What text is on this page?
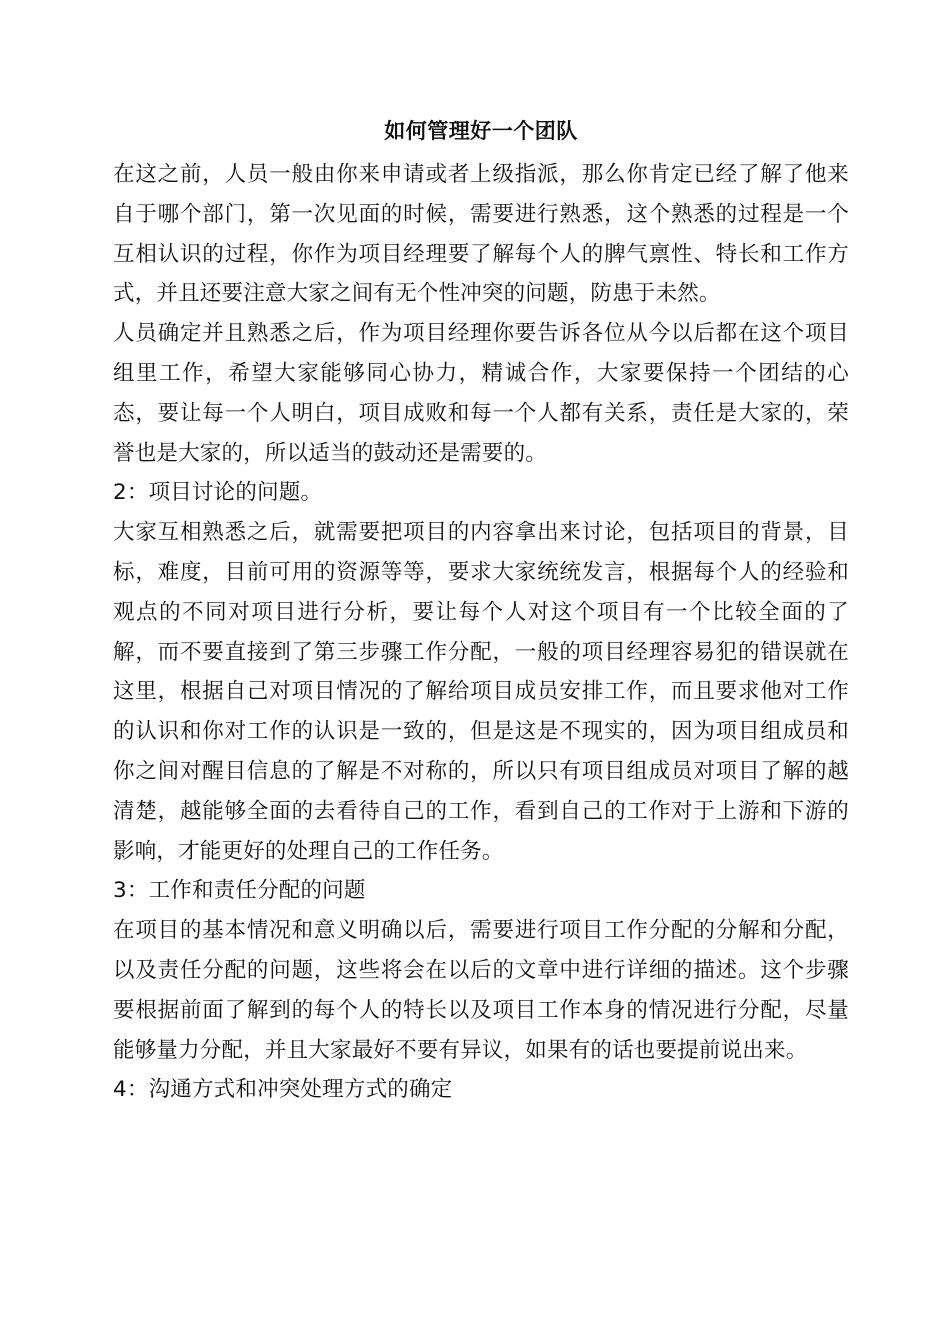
如何管理好一个团队

在这之前，人员一般由你来申请或者上级指派，那么你肯定已经了解了他来自于哪个部门，第一次见面的时候，需要进行熟悉，这个熟悉的过程是一个互相认识的过程，你作为项目经理要了解每个人的脾气禀性、特长和工作方式，并且还要注意大家之间有无个性冲突的问题，防患于未然。

人员确定并且熟悉之后，作为项目经理你要告诉各位从今以后都在这个项目组里工作，希望大家能够同心协力，精诚合作，大家要保持一个团结的心态，要让每一个人明白，项目成败和每一个人都有关系，责任是大家的，荣誉也是大家的，所以适当的鼓动还是需要的。

2：项目讨论的问题。

大家互相熟悉之后，就需要把项目的内容拿出来讨论，包括项目的背景，目标，难度，目前可用的资源等等，要求大家统统发言，根据每个人的经验和观点的不同对项目进行分析，要让每个人对这个项目有一个比较全面的了解，而不要直接到了第三步骤工作分配，一般的项目经理容易犯的错误就在这里，根据自己对项目情况的了解给项目成员安排工作，而且要求他对工作的认识和你对工作的认识是一致的，但是这是不现实的，因为项目组成员和你之间对醒目信息的了解是不对称的，所以只有项目组成员对项目了解的越清楚，越能够全面的去看待自己的工作，看到自己的工作对于上游和下游的影响，才能更好的处理自己的工作任务。

3：工作和责任分配的问题

在项目的基本情况和意义明确以后，需要进行项目工作分配的分解和分配，以及责任分配的问题，这些将会在以后的文章中进行详细的描述。这个步骤要根据前面了解到的每个人的特长以及项目工作本身的情况进行分配，尽量能够量力分配，并且大家最好不要有异议，如果有的话也要提前说出来。

4：沟通方式和冲突处理方式的确定
